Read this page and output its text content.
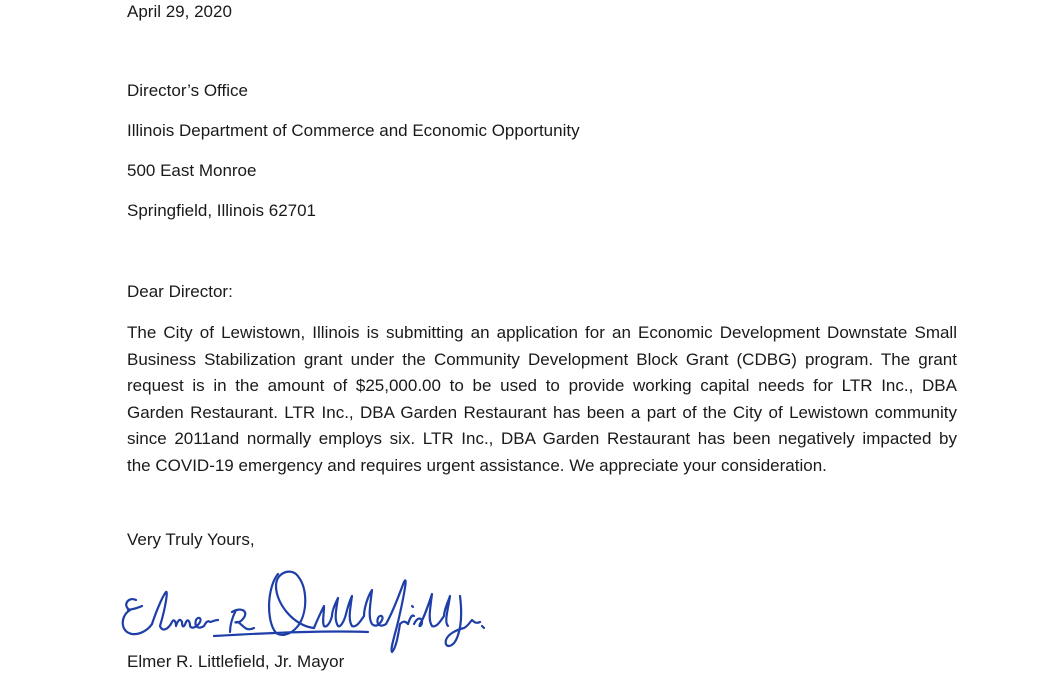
April 29, 2020
Director’s Office
Illinois Department of Commerce and Economic Opportunity
500 East Monroe
Springfield, Illinois 62701
Dear Director:
The City of Lewistown, Illinois is submitting an application for an Economic Development Downstate Small
Business Stabilization grant under the Community Development Block Grant (CDBG) program. The grant
request is in the amount of $25,000.00 to be used to provide working capital needs for LTR Inc., DBA
Garden Restaurant. LTR Inc., DBA Garden Restaurant has been a part of the City of Lewistown community
since 2011and normally employs six. LTR Inc., DBA Garden Restaurant has been negatively impacted by
the COVID-19 emergency and requires urgent assistance. We appreciate your consideration.
Very Truly Yours,
Elmer R. Littlefield, Jr. Mayor
